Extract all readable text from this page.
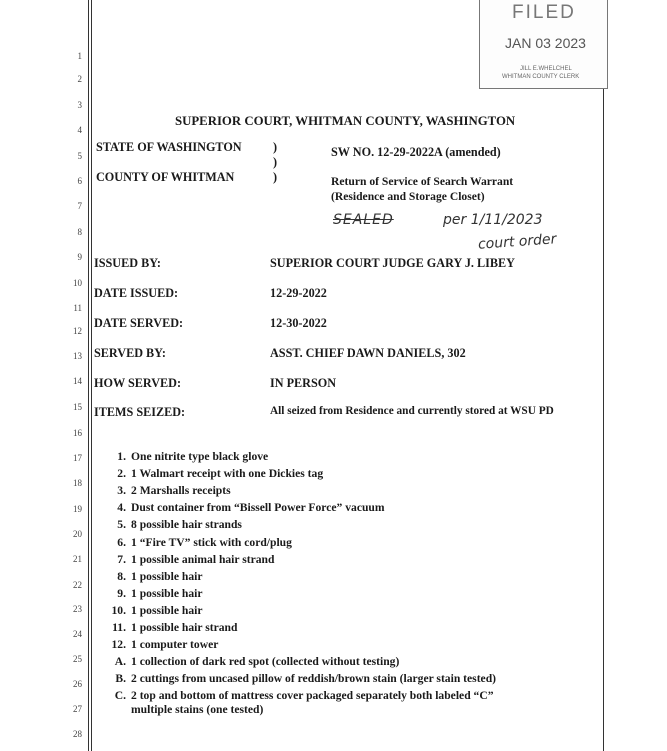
1
2
3
4
5
6
7
8
9
10
11
12
13
14
15
16
17
18
19
20
21
22
23
24
25
26
27
28
FILED
JAN 03 2023
JILL E.WHELCHEL
WHITMAN COUNTY CLERK
SUPERIOR COURT, WHITMAN COUNTY, WASHINGTON
STATE OF WASHINGTON	)
)
COUNTY OF WHITMAN	)
SW NO. 12-29-2022A (amended)
Return of Service of Search Warrant
(Residence and Storage Closet)
SEALED	per 1/11/2023
court order
ISSUED BY:	SUPERIOR COURT JUDGE GARY J. LIBEY
DATE ISSUED:	12-29-2022
DATE SERVED:	12-30-2022
SERVED BY:	ASST. CHIEF DAWN DANIELS, 302
HOW SERVED:	IN PERSON
ITEMS SEIZED:	All seized from Residence and currently stored at WSU PD
1. One nitrite type black glove
2. 1 Walmart receipt with one Dickies tag
3. 2 Marshalls receipts
4. Dust container from “Bissell Power Force” vacuum
5. 8 possible hair strands
6. 1 “Fire TV” stick with cord/plug
7. 1 possible animal hair strand
8. 1 possible hair
9. 1 possible hair
10. 1 possible hair
11. 1 possible hair strand
12. 1 computer tower
A. 1 collection of dark red spot (collected without testing)
B. 2 cuttings from uncased pillow of reddish/brown stain (larger stain tested)
C. 2 top and bottom of mattress cover packaged separately both labeled “C”
multiple stains (one tested)
